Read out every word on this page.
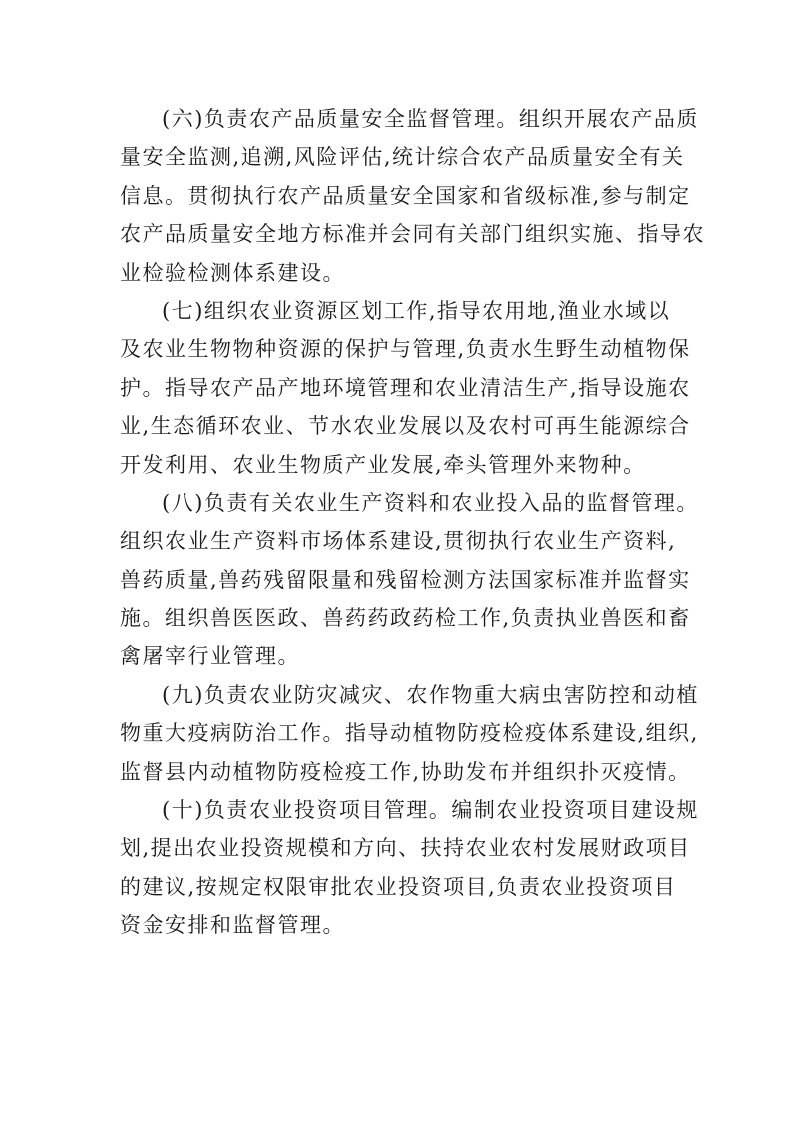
(六)负责农产品质量安全监督管理。组织开展农产品质
量安全监测,追溯,风险评估,统计综合农产品质量安全有关
信息。贯彻执行农产品质量安全国家和省级标准,参与制定
农产品质量安全地方标准并会同有关部门组织实施、指导农
业检验检测体系建设。
(七)组织农业资源区划工作,指导农用地,渔业水域以
及农业生物物种资源的保护与管理,负责水生野生动植物保
护。指导农产品产地环境管理和农业清洁生产,指导设施农
业,生态循环农业、节水农业发展以及农村可再生能源综合
开发利用、农业生物质产业发展,牵头管理外来物种。
(八)负责有关农业生产资料和农业投入品的监督管理。
组织农业生产资料市场体系建设,贯彻执行农业生产资料,
兽药质量,兽药残留限量和残留检测方法国家标准并监督实
施。组织兽医医政、兽药药政药检工作,负责执业兽医和畜
禽屠宰行业管理。
(九)负责农业防灾减灾、农作物重大病虫害防控和动植
物重大疫病防治工作。指导动植物防疫检疫体系建设,组织,
监督县内动植物防疫检疫工作,协助发布并组织扑灭疫情。
(十)负责农业投资项目管理。编制农业投资项目建设规
划,提出农业投资规模和方向、扶持农业农村发展财政项目
的建议,按规定权限审批农业投资项目,负责农业投资项目
资金安排和监督管理。
